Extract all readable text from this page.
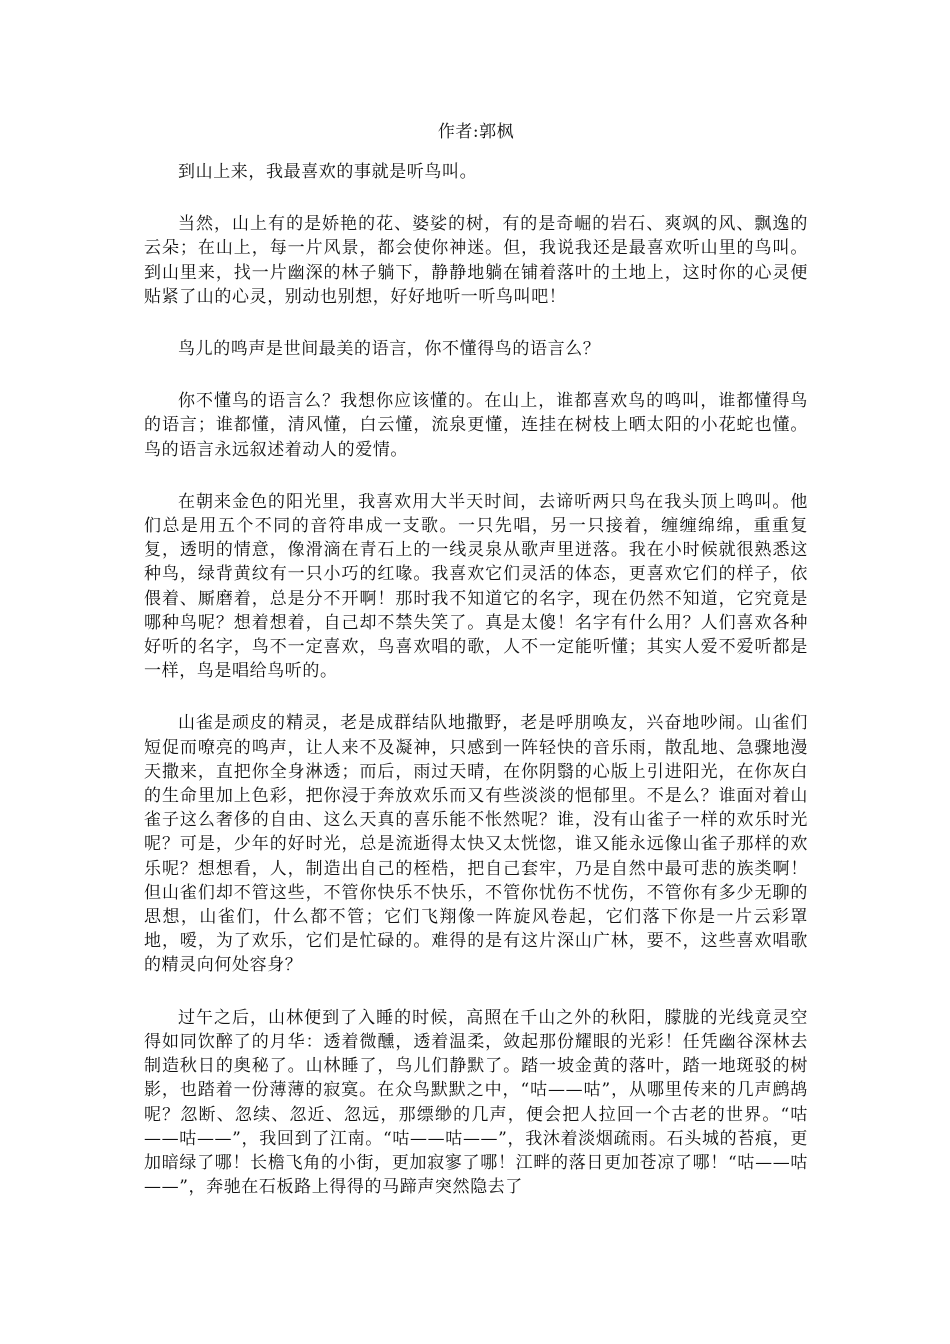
作者:郭枫

到山上来，我最喜欢的事就是听鸟叫。

当然，山上有的是娇艳的花、婆娑的树，有的是奇崛的岩石、爽飒的风、飘逸的云朵；在山上，每一片风景，都会使你神迷。但，我说我还是最喜欢听山里的鸟叫。到山里来，找一片幽深的林子躺下，静静地躺在铺着落叶的土地上，这时你的心灵便贴紧了山的心灵，别动也别想，好好地听一听鸟叫吧！

鸟儿的鸣声是世间最美的语言，你不懂得鸟的语言么？

你不懂鸟的语言么？我想你应该懂的。在山上，谁都喜欢鸟的鸣叫，谁都懂得鸟的语言；谁都懂，清风懂，白云懂，流泉更懂，连挂在树枝上晒太阳的小花蛇也懂。鸟的语言永远叙述着动人的爱情。

在朝来金色的阳光里，我喜欢用大半天时间，去谛听两只鸟在我头顶上鸣叫。他们总是用五个不同的音符串成一支歌。一只先唱，另一只接着，缠缠绵绵，重重复复，透明的情意，像滑滴在青石上的一线灵泉从歌声里迸落。我在小时候就很熟悉这种鸟，绿背黄纹有一只小巧的红喙。我喜欢它们灵活的体态，更喜欢它们的样子，依偎着、厮磨着，总是分不开啊！那时我不知道它的名字，现在仍然不知道，它究竟是哪种鸟呢？想着想着，自己却不禁失笑了。真是太傻！名字有什么用？人们喜欢各种好听的名字，鸟不一定喜欢，鸟喜欢唱的歌，人不一定能听懂；其实人爱不爱听都是一样，鸟是唱给鸟听的。

山雀是顽皮的精灵，老是成群结队地撒野，老是呼朋唤友，兴奋地吵闹。山雀们短促而嘹亮的鸣声，让人来不及凝神，只感到一阵轻快的音乐雨，散乱地、急骤地漫天撒来，直把你全身淋透；而后，雨过天晴，在你阴翳的心版上引进阳光，在你灰白的生命里加上色彩，把你浸于奔放欢乐而又有些淡淡的悒郁里。不是么？谁面对着山雀子这么奢侈的自由、这么天真的喜乐能不怅然呢？谁，没有山雀子一样的欢乐时光呢？可是，少年的好时光，总是流逝得太快又太恍惚，谁又能永远像山雀子那样的欢乐呢？想想看，人，制造出自己的桎梏，把自己套牢，乃是自然中最可悲的族类啊！但山雀们却不管这些，不管你快乐不快乐，不管你忧伤不忧伤，不管你有多少无聊的思想，山雀们，什么都不管；它们飞翔像一阵旋风卷起，它们落下你是一片云彩罩地，嗳，为了欢乐，它们是忙碌的。难得的是有这片深山广林，要不，这些喜欢唱歌的精灵向何处容身？

过午之后，山林便到了入睡的时候，高照在千山之外的秋阳，朦胧的光线竟灵空得如同饮醉了的月华：透着微醺，透着温柔，敛起那份耀眼的光彩！任凭幽谷深林去制造秋日的奥秘了。山林睡了，鸟儿们静默了。踏一坡金黄的落叶，踏一地斑驳的树影，也踏着一份薄薄的寂寞。在众鸟默默之中，“咕——咕”，从哪里传来的几声鹧鸪呢？忽断、忽续、忽近、忽远，那缥缈的几声，便会把人拉回一个古老的世界。“咕——咕——”，我回到了江南。“咕——咕——”，我沐着淡烟疏雨。石头城的苔痕，更加暗绿了哪！长檐飞角的小街，更加寂寥了哪！江畔的落日更加苍凉了哪！“咕——咕——”，奔驰在石板路上得得的马蹄声突然隐去了
